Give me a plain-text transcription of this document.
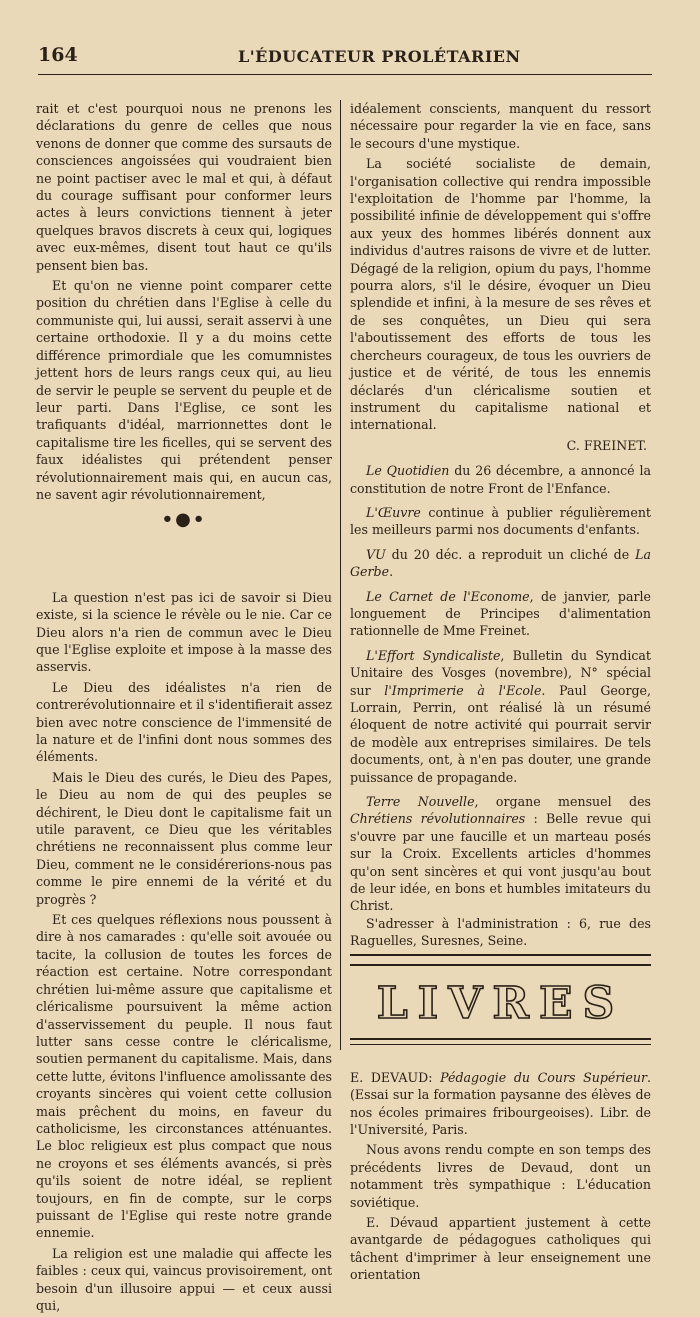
164	L'ÉDUCATEUR PROLÉTARIEN

rait et c'est pourquoi nous ne prenons les déclarations du genre de celles que nous venons de donner que comme des sursauts de consciences angoissées qui voudraient bien ne point pactiser avec le mal et qui, à défaut du courage suffisant pour conformer leurs actes à leurs convictions tiennent à jeter quelques bravos discrets à ceux qui, logiques avec eux-mêmes, disent tout haut ce qu'ils pensent bien bas.

Et qu'on ne vienne point comparer cette position du chrétien dans l'Eglise à celle du communiste qui, lui aussi, serait asservi à une certaine orthodoxie. Il y a du moins cette différence primordiale que les comumnistes jettent hors de leurs rangs ceux qui, au lieu de servir le peuple se servent du peuple et de leur parti. Dans l'Eglise, ce sont les trafiquants d'idéal, marrionnettes dont le capitalisme tire les ficelles, qui se servent des faux idéalistes qui prétendent penser révolutionnairement mais qui, en aucun cas, ne savent agir révolutionnairement,

•●•

La question n'est pas ici de savoir si Dieu existe, si la science le révèle ou le nie. Car ce Dieu alors n'a rien de commun avec le Dieu que l'Eglise exploite et impose à la masse des asservis.

Le Dieu des idéalistes n'a rien de contrerévolutionnaire et il s'identifierait assez bien avec notre conscience de l'immensité de la nature et de l'infini dont nous sommes des éléments.

Mais le Dieu des curés, le Dieu des Papes, le Dieu au nom de qui des peuples se déchirent, le Dieu dont le capitalisme fait un utile paravent, ce Dieu que les véritables chrétiens ne reconnaissent plus comme leur Dieu, comment ne le considérerions-nous pas comme le pire ennemi de la vérité et du progrès ?

Et ces quelques réflexions nous poussent à dire à nos camarades : qu'elle soit avouée ou tacite, la collusion de toutes les forces de réaction est certaine. Notre correspondant chrétien lui-même assure que capitalisme et cléricalisme poursuivent la même action d'asservissement du peuple. Il nous faut lutter sans cesse contre le cléricalisme, soutien permanent du capitalisme. Mais, dans cette lutte, évitons l'influence amolissante des croyants sincères qui voient cette collusion mais prêchent du moins, en faveur du catholicisme, les circonstances atténuantes. Le bloc religieux est plus compact que nous ne croyons et ses éléments avancés, si près qu'ils soient de notre idéal, se replient toujours, en fin de compte, sur le corps puissant de l'Eglise qui reste notre grande ennemie.

La religion est une maladie qui affecte les faibles : ceux qui, vaincus provisoirement, ont besoin d'un illusoire appui — et ceux aussi qui,

idéalement conscients, manquent du ressort nécessaire pour regarder la vie en face, sans le secours d'une mystique.

La société socialiste de demain, l'organisation collective qui rendra impossible l'exploitation de l'homme par l'homme, la possibilité infinie de développement qui s'offre aux yeux des hommes libérés donnent aux individus d'autres raisons de vivre et de lutter. Dégagé de la religion, opium du pays, l'homme pourra alors, s'il le désire, évoquer un Dieu splendide et infini, à la mesure de ses rêves et de ses conquêtes, un Dieu qui sera l'aboutissement des efforts de tous les chercheurs courageux, de tous les ouvriers de justice et de vérité, de tous les ennemis déclarés d'un cléricalisme soutien et instrument du capitalisme national et international.

C. FREINET.

Le Quotidien du 26 décembre, a annoncé la constitution de notre Front de l'Enfance.

L'Œuvre continue à publier régulièrement les meilleurs parmi nos documents d'enfants.

VU du 20 déc. a reproduit un cliché de La Gerbe.

Le Carnet de l'Econome, de janvier, parle longuement de Principes d'alimentation rationnelle de Mme Freinet.

L'Effort Syndicaliste, Bulletin du Syndicat Unitaire des Vosges (novembre), N° spécial sur l'Imprimerie à l'Ecole. Paul George, Lorrain, Perrin, ont réalisé là un résumé éloquent de notre activité qui pourrait servir de modèle aux entreprises similaires. De tels documents, ont, à n'en pas douter, une grande puissance de propagande.

Terre Nouvelle, organe mensuel des Chrétiens révolutionnaires : Belle revue qui s'ouvre par une faucille et un marteau posés sur la Croix. Excellents articles d'hommes qu'on sent sincères et qui vont jusqu'au bout de leur idée, en bons et humbles imitateurs du Christ.

S'adresser à l'administration : 6, rue des Raguelles, Suresnes, Seine.

LIVRES

E. DEVAUD: Pédagogie du Cours Supérieur. (Essai sur la formation paysanne des élèves de nos écoles primaires fribourgeoises). Libr. de l'Université, Paris.

Nous avons rendu compte en son temps des précédents livres de Devaud, dont un notamment très sympathique : L'éducation soviétique.

E. Dévaud appartient justement à cette avantgarde de pédagogues catholiques qui tâchent d'imprimer à leur enseignement une orientation
